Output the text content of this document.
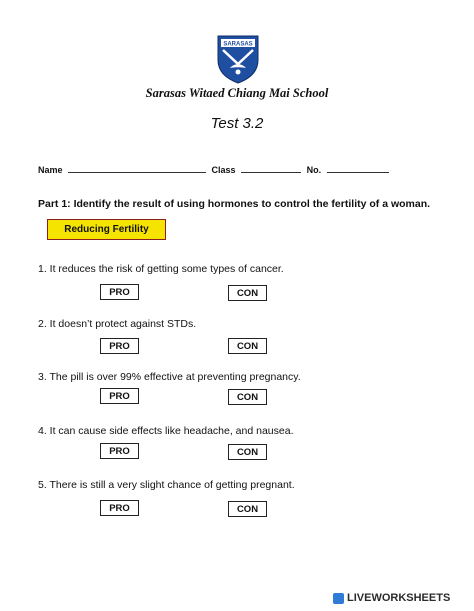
SARASAS
Sarasas Witaed Chiang Mai School
Test 3.2
Name	Class	No.
Part 1: Identify the result of using hormones to control the fertility of a woman.
Reducing Fertility
1. It reduces the risk of getting some types of cancer.
PRO	CON
2. It doesn’t protect against STDs.
PRO	CON
3. The pill is over 99% effective at preventing pregnancy.
PRO	CON
4. It can cause side effects like headache, and nausea.
PRO	CON
5. There is still a very slight chance of getting pregnant.
PRO	CON
LIVEWORKSHEETS
